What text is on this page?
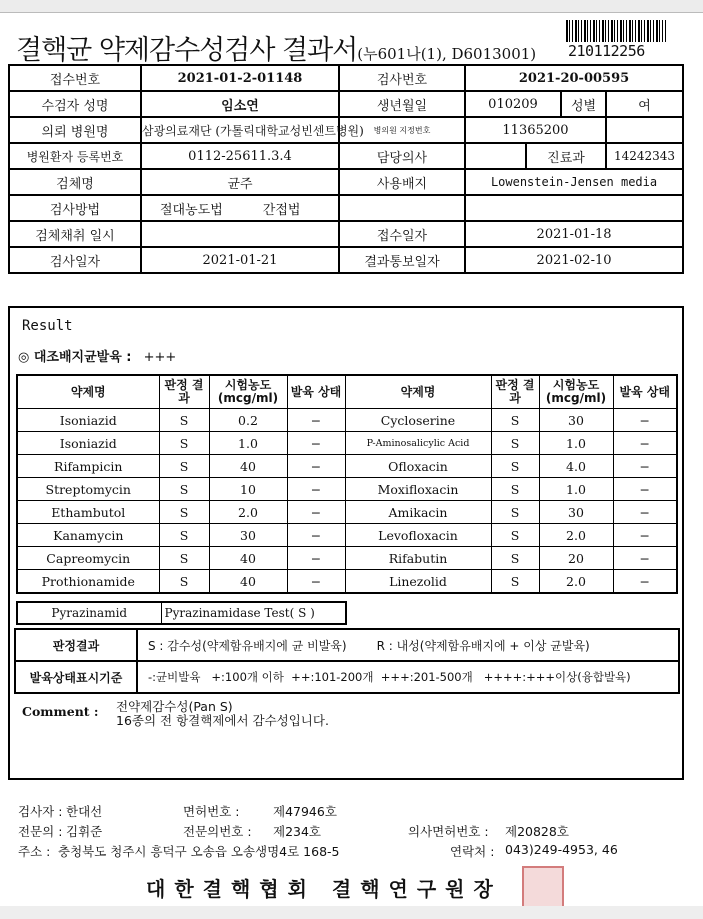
결핵균 약제감수성검사 결과서(누601나(1), D6013001) 210112256
접수번호	2021-01-2-01148	검사번호	2021-20-00595			
수검자 성명	임소연	생년월일	010209		성별	여
의뢰 병원명	삼광의료재단 (가톨릭대학교성빈센트병원)	병의원 지정번호	11365200			
병원환자 등록번호	0112-25611.3.4	담당의사		진료과		14242343
검체명	균주	사용배지	Lowenstein-Jensen media			
검사방법	절대농도법 간접법					
검체채취 일시		접수일자	2021-01-18			
검사일자	2021-01-21	결과통보일자	2021-02-10			
Result
◎ 대조배지균발육 : +++
약제명	판정 결과	시험농도 (mcg/ml)	발육 상태	약제명	판정 결과	시험농도 (mcg/ml)	발육 상태
Isoniazid	S	0.2	−	Cycloserine	S	30	−
Isoniazid	S	1.0	−	P-Aminosalicylic Acid	S	1.0	−
Rifampicin	S	40	−	Ofloxacin	S	4.0	−
Streptomycin	S	10	−	Moxifloxacin	S	1.0	−
Ethambutol	S	2.0	−	Amikacin	S	30	−
Kanamycin	S	30	−	Levofloxacin	S	2.0	−
Capreomycin	S	40	−	Rifabutin	S	20	−
Prothionamide	S	40	−	Linezolid	S	2.0	−
Pyrazinamid	Pyrazinamidase Test( S )
판정결과	S : 감수성(약제함유배지에 균 비발육) R : 내성(약제함유배지에 + 이상 균발육)
발육상태표시기준	-:균비발육   +:100개 이하  ++:101-200개  +++:201-500개   ++++:+++이상(융합발육)
Comment : 전약제감수성(Pan S)
16종의 전 항결핵제에서 감수성입니다.
검사자 : 한대선	면허번호 :	제47946호
전문의 : 김휘준	전문의번호 : 제234호	의사면허번호 : 제20828호
주소 : 충청북도 청주시 흥덕구 오송읍 오송생명4로 168-5	연락처 : 043)249-4953, 46
대한결핵협회 결핵연구원장
